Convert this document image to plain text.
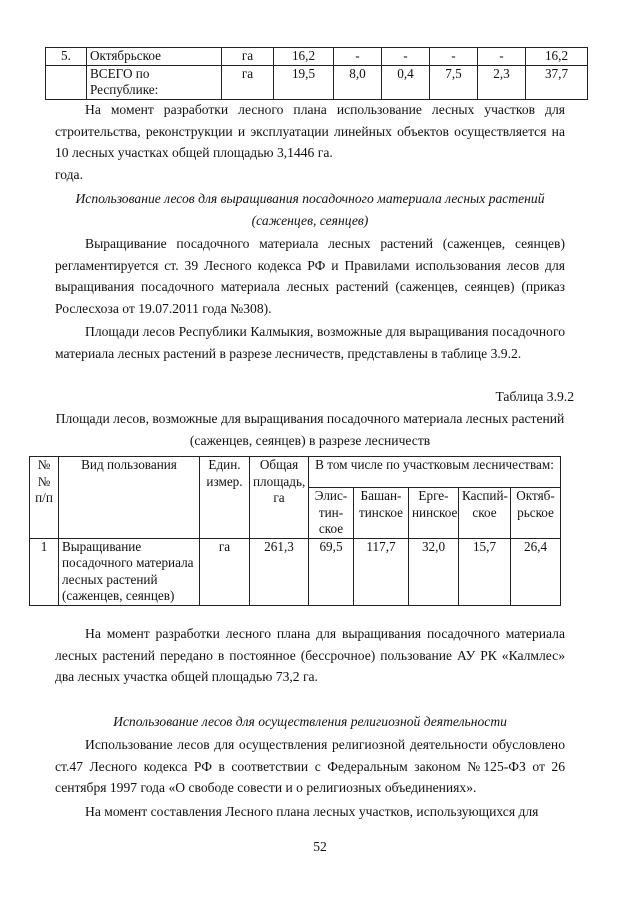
5.	Октябрьское	га	16,2	-	-	-	-	16,2
	ВСЕГО по Республике:	га	19,5	8,0	0,4	7,5	2,3	37,7

На момент разработки лесного плана использование лесных участков для строительства, реконструкции и эксплуатации линейных объектов осуществляется на 10 лесных участках общей площадью 3,1446 га.

года.

Использование лесов для выращивания посадочного материала лесных растений (саженцев, сеянцев)

Выращивание посадочного материала лесных растений (саженцев, сеянцев) регламентируется ст. 39 Лесного кодекса РФ и Правилами использования лесов для выращивания посадочного материала лесных растений (саженцев, сеянцев) (приказ Рослесхоза от 19.07.2011 года №308).

Площади лесов Республики Калмыкия, возможные для выращивания посадочного материала лесных растений в разрезе лесничеств, представлены в таблице 3.9.2.

Таблица 3.9.2

Площади лесов, возможные для выращивания посадочного материала лесных растений (саженцев, сеянцев) в разрезе лесничеств

№№ п/п	Вид пользования	Един. измер.	Общая площадь, га	В том числе по участковым лесничествам:				
				Элис-тин-ское	Башан-тинское	Ерге-нинское	Каспий-ское	Октяб-рьское
1	Выращивание посадочного материала лесных растений (саженцев, сеянцев)	га	261,3	69,5	117,7	32,0	15,7	26,4

На момент разработки лесного плана для выращивания посадочного материала лесных растений передано в постоянное (бессрочное) пользование АУ РК «Калмлес» два лесных участка общей площадью 73,2 га.

Использование лесов для осуществления религиозной деятельности

Использование лесов для осуществления религиозной деятельности обусловлено ст.47 Лесного кодекса РФ в соответствии с Федеральным законом №125-ФЗ от 26 сентября 1997 года «О свободе совести и о религиозных объединениях».

На момент составления Лесного плана лесных участков, использующихся для

52
